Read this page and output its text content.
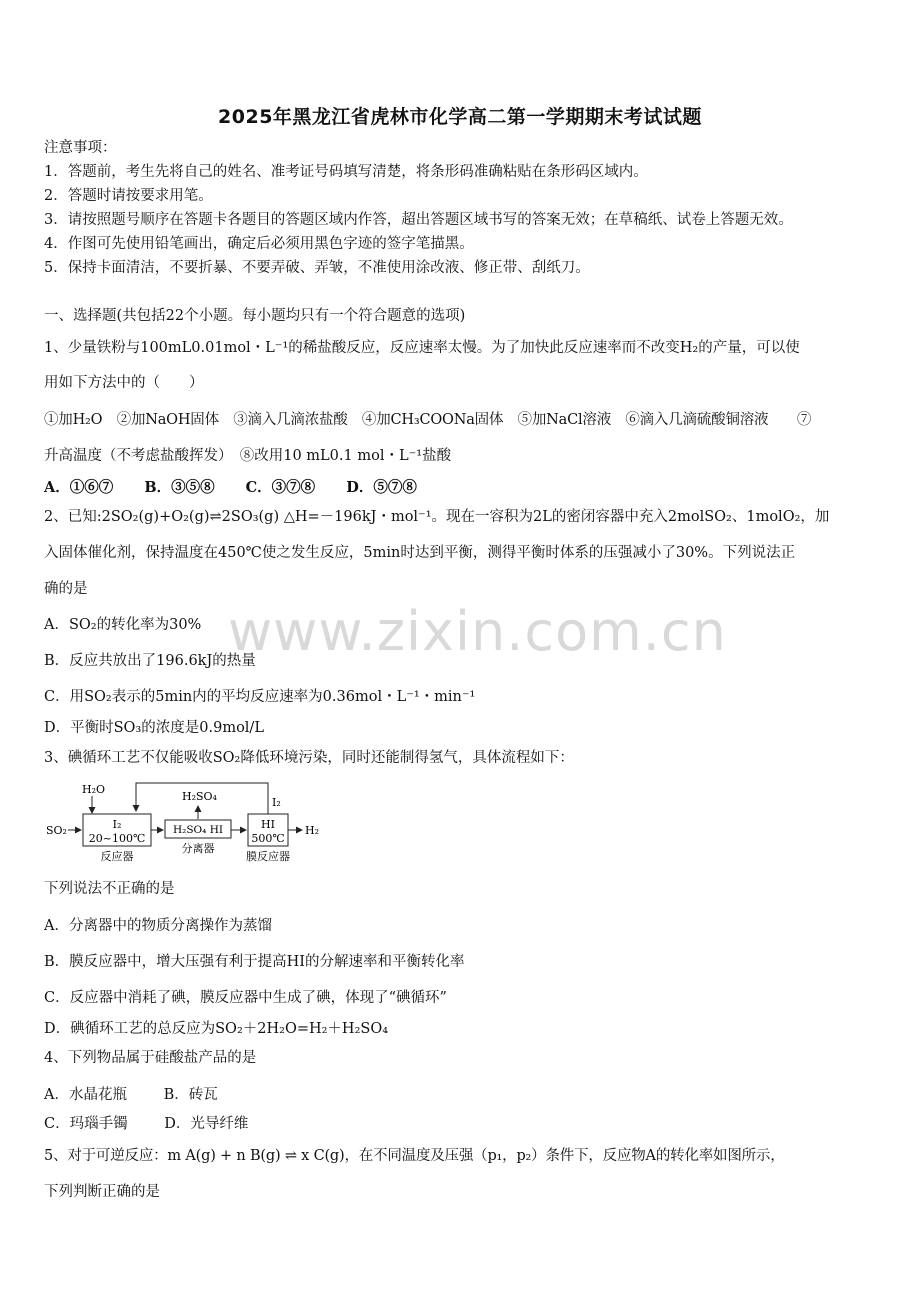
2025年黑龙江省虎林市化学高二第一学期期末考试试题
注意事项：
1．答题前，考生先将自己的姓名、准考证号码填写清楚，将条形码准确粘贴在条形码区域内。
2．答题时请按要求用笔。
3．请按照题号顺序在答题卡各题目的答题区域内作答，超出答题区域书写的答案无效；在草稿纸、试卷上答题无效。
4．作图可先使用铅笔画出，确定后必须用黑色字迹的签字笔描黑。
5．保持卡面清洁，不要折暴、不要弄破、弄皱，不准使用涂改液、修正带、刮纸刀。
一、选择题(共包括22个小题。每小题均只有一个符合题意的选项)
1、少量铁粉与100mL0.01mol・L⁻¹的稀盐酸反应，反应速率太慢。为了加快此反应速率而不改变H₂的产量，可以使
用如下方法中的（　　）
①加H₂O　②加NaOH固体　③滴入几滴浓盐酸　④加CH₃COONa固体　⑤加NaCl溶液　⑥滴入几滴硫酸铜溶液　　⑦
升高温度（不考虑盐酸挥发）　⑧改用10 mL0.1 mol・L⁻¹盐酸
A．①⑥⑦ B．③⑤⑧ C．③⑦⑧ D．⑤⑦⑧
2、已知:2SO₂(g)+O₂(g)⇌2SO₃(g) △H=－196kJ・mol⁻¹。现在一容积为2L的密闭容器中充入2molSO₂、1molO₂，加
入固体催化剂，保持温度在450℃使之发生反应，5min时达到平衡，测得平衡时体系的压强减小了30%。下列说法正
确的是
A．SO₂的转化率为30%
B．反应共放出了196.6kJ的热量
C．用SO₂表示的5min内的平均反应速率为0.36mol・L⁻¹・min⁻¹
D．平衡时SO₃的浓度是0.9mol/L
www.zixin.com.cn
3、碘循环工艺不仅能吸收SO₂降低环境污染，同时还能制得氢气，具体流程如下：
H₂O
SO₂	I₂
20~100℃
反应器
H₂SO₄ HI
分离器
H₂SO₄
HI
500℃
膜反应器
H₂
I₂
下列说法不正确的是
A．分离器中的物质分离操作为蒸馏
B．膜反应器中，增大压强有利于提高HI的分解速率和平衡转化率
C．反应器中消耗了碘，膜反应器中生成了碘，体现了“碘循环”
D．碘循环工艺的总反应为SO₂＋2H₂O=H₂＋H₂SO₄
4、下列物品属于硅酸盐产品的是
A．水晶花瓶	B．砖瓦
C．玛瑙手镯	D．光导纤维
5、对于可逆反应：m A(g) + n B(g) ⇌ x C(g)，在不同温度及压强（p₁，p₂）条件下，反应物A的转化率如图所示，
下列判断正确的是
